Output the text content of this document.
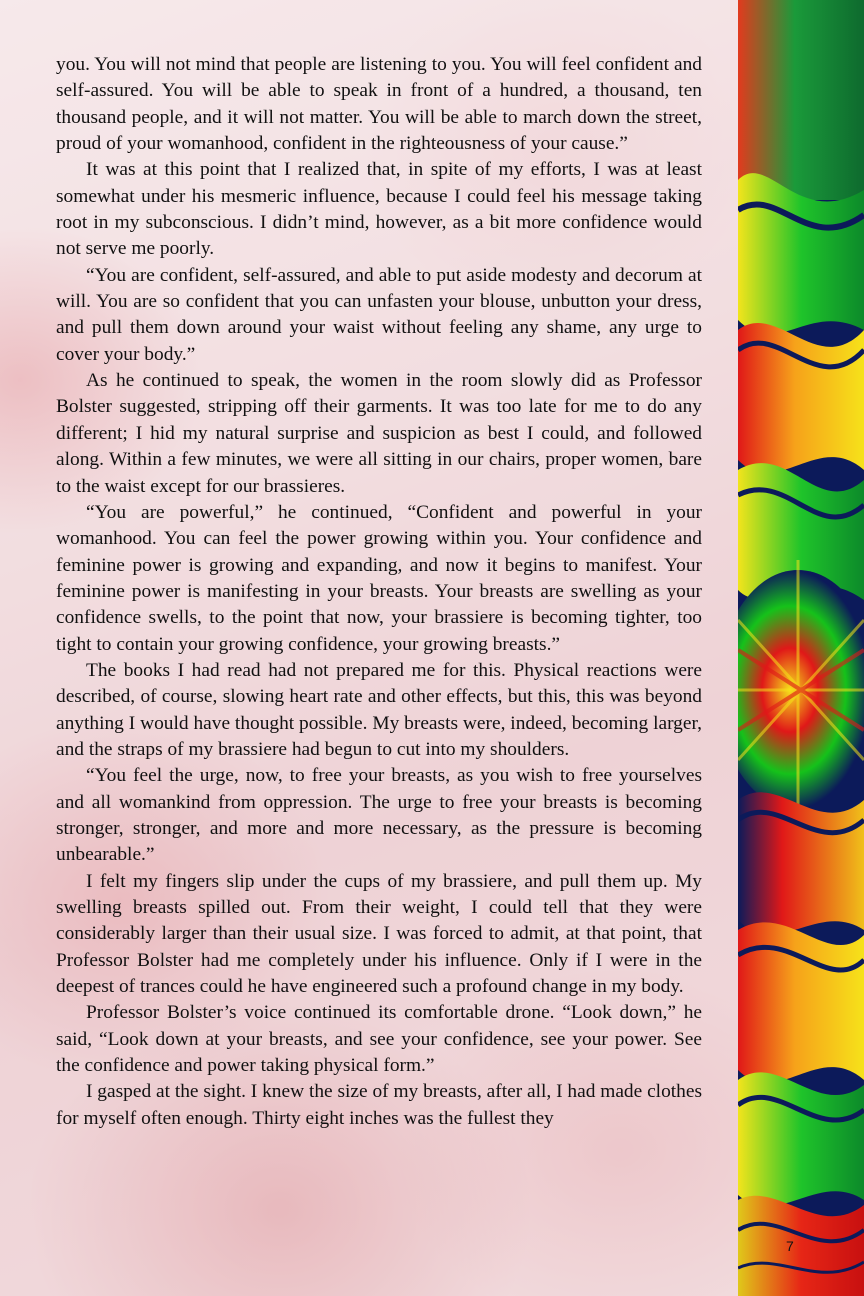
you. You will not mind that people are listening to you. You will feel confident and self-assured. You will be able to speak in front of a hundred, a thousand, ten thousand people, and it will not matter. You will be able to march down the street, proud of your womanhood, confident in the righteousness of your cause.”

It was at this point that I realized that, in spite of my efforts, I was at least somewhat under his mesmeric influence, because I could feel his message taking root in my subconscious. I didn’t mind, however, as a bit more confidence would not serve me poorly.

“You are confident, self-assured, and able to put aside modesty and decorum at will. You are so confident that you can unfasten your blouse, unbutton your dress, and pull them down around your waist without feeling any shame, any urge to cover your body.”

As he continued to speak, the women in the room slowly did as Professor Bolster suggested, stripping off their garments. It was too late for me to do any different; I hid my natural surprise and suspicion as best I could, and followed along. Within a few minutes, we were all sitting in our chairs, proper women, bare to the waist except for our brassieres.

“You are powerful,” he continued, “Confident and powerful in your womanhood. You can feel the power growing within you. Your confidence and feminine power is growing and expanding, and now it begins to manifest. Your feminine power is manifesting in your breasts. Your breasts are swelling as your confidence swells, to the point that now, your brassiere is becoming tighter, too tight to contain your growing confidence, your growing breasts.”

The books I had read had not prepared me for this. Physical reactions were described, of course, slowing heart rate and other effects, but this, this was beyond anything I would have thought possible. My breasts were, indeed, becoming larger, and the straps of my brassiere had begun to cut into my shoulders.

“You feel the urge, now, to free your breasts, as you wish to free yourselves and all womankind from oppression. The urge to free your breasts is becoming stronger, stronger, and more and more necessary, as the pressure is becoming unbearable.”

I felt my fingers slip under the cups of my brassiere, and pull them up. My swelling breasts spilled out. From their weight, I could tell that they were considerably larger than their usual size. I was forced to admit, at that point, that Professor Bolster had me completely under his influence. Only if I were in the deepest of trances could he have engineered such a profound change in my body.

Professor Bolster’s voice continued its comfortable drone. “Look down,” he said, “Look down at your breasts, and see your confidence, see your power. See the confidence and power taking physical form.”

I gasped at the sight. I knew the size of my breasts, after all, I had made clothes for myself often enough. Thirty eight inches was the fullest they

7
